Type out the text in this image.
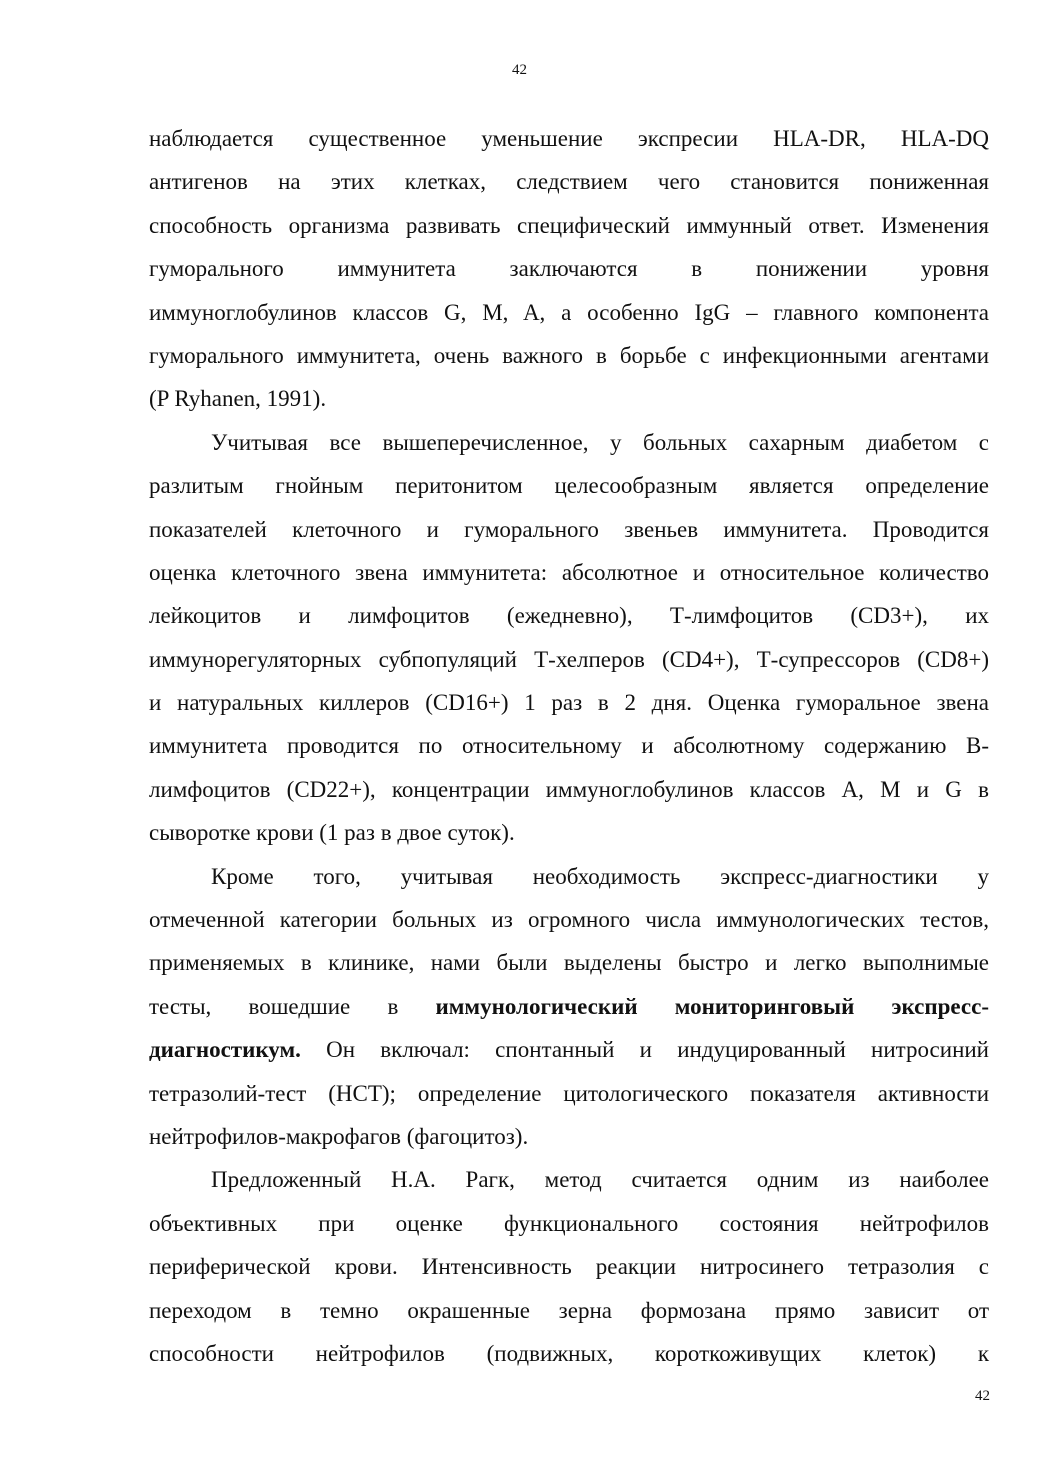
42
наблюдается существенное уменьшение экспресии HLA-DR, HLA-DQ
антигенов на этих клетках, следствием чего становится пониженная
способность организма развивать специфический иммунный ответ. Изменения
гуморального иммунитета заключаются в понижении уровня
иммуноглобулинов классов G, M, A, а особенно IgG – главного компонента
гуморального иммунитета, очень важного в борьбе с инфекционными агентами
(P Ryhanen, 1991).
Учитывая все вышеперечисленное, у больных сахарным диабетом с
разлитым гнойным перитонитом целесообразным является определение
показателей клеточного и гуморального звеньев иммунитета. Проводится
оценка клеточного звена иммунитета: абсолютное и относительное количество
лейкоцитов и лимфоцитов (ежедневно), Т-лимфоцитов (CD3+), их
иммунорегуляторных субпопуляций Т-хелперов (CD4+), Т-супрессоров (CD8+)
и натуральных киллеров (CD16+) 1 раз в 2 дня. Оценка гуморальное звена
иммунитета проводится по относительному и абсолютному содержанию В-
лимфоцитов (CD22+), концентрации иммуноглобулинов классов А, М и G в
сыворотке крови (1 раз в двое суток).
Кроме того, учитывая необходимость экспресс-диагностики у
отмеченной категории больных из огромного числа иммунологических тестов,
применяемых в клинике, нами были выделены быстро и легко выполнимые
тесты, вошедшие в иммунологический мониторинговый экспресс-
диагностикум. Он включал: спонтанный и индуцированный нитросиний
тетразолий-тест (НСТ); определение цитологического показателя активности
нейтрофилов-макрофагов (фагоцитоз).
Предложенный Н.А. Рагк, метод считается одним из наиболее
объективных при оценке функционального состояния нейтрофилов
периферической крови. Интенсивность реакции нитросинего тетразолия с
переходом в темно окрашенные зерна формозана прямо зависит от
способности нейтрофилов (подвижных, короткоживущих клеток) к
42
